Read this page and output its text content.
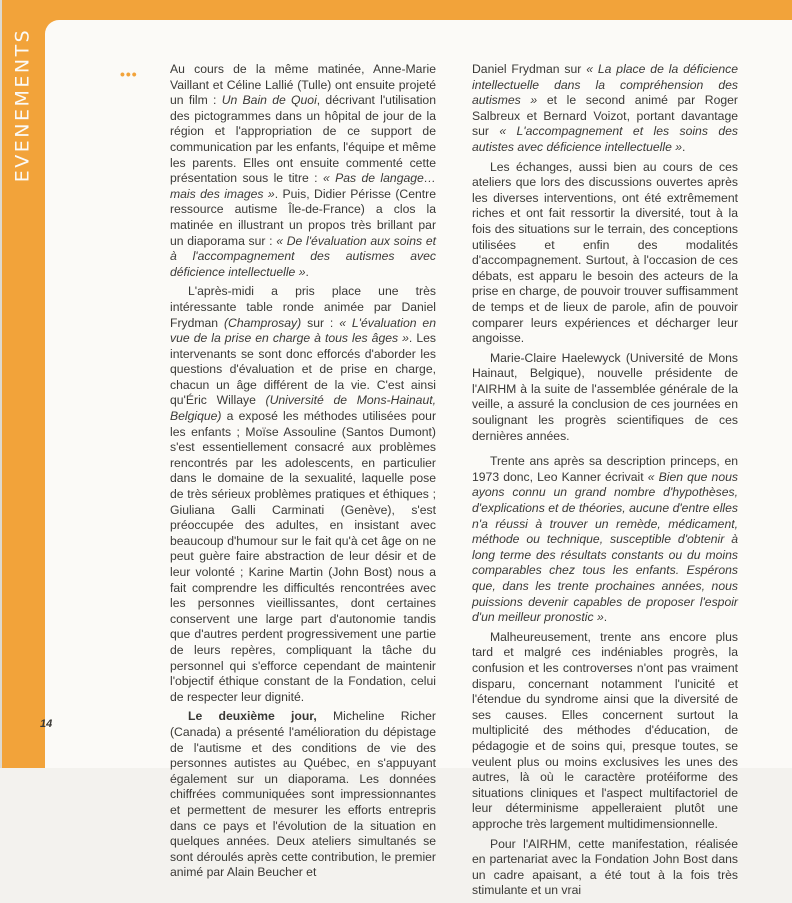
EVENEMENTS	•••	Au cours de la même matinée, Anne-Marie Vaillant et Céline Lallié (Tulle) ont ensuite projeté un film : Un Bain de Quoi, décrivant l'utilisation des pictogrammes dans un hôpital de jour de la région et l'appropriation de ce support de communication par les enfants, l'équipe et même les parents. Elles ont ensuite commenté cette présentation sous le titre : « Pas de langage… mais des images ». Puis, Didier Périsse (Centre ressource autisme Île-de-France) a clos la matinée en illustrant un propos très brillant par un diaporama sur : « De l'évaluation aux soins et à l'accompagnement des autismes avec déficience intellectuelle ».

L'après-midi a pris place une très intéressante table ronde animée par Daniel Frydman (Champrosay) sur : « L'évaluation en vue de la prise en charge à tous les âges ». Les intervenants se sont donc efforcés d'aborder les questions d'évaluation et de prise en charge, chacun un âge différent de la vie. C'est ainsi qu'Éric Willaye (Université de Mons-Hainaut, Belgique) a exposé les méthodes utilisées pour les enfants ; Moïse Assouline (Santos Dumont) s'est essentiellement consacré aux problèmes rencontrés par les adolescents, en particulier dans le domaine de la sexualité, laquelle pose de très sérieux problèmes pratiques et éthiques ; Giuliana Galli Carminati (Genève), s'est préoccupée des adultes, en insistant avec beaucoup d'humour sur le fait qu'à cet âge on ne peut guère faire abstraction de leur désir et de leur volonté ; Karine Martin (John Bost) nous a fait comprendre les difficultés rencontrées avec les personnes vieillissantes, dont certaines conservent une large part d'autonomie tandis que d'autres perdent progressivement une partie de leurs repères, compliquant la tâche du personnel qui s'efforce cependant de maintenir l'objectif éthique constant de la Fondation, celui de respecter leur dignité.

Le deuxième jour, Micheline Richer (Canada) a présenté l'amélioration du dépistage de l'autisme et des conditions de vie des personnes autistes au Québec, en s'appuyant également sur un diaporama. Les données chiffrées communiquées sont impressionnantes et permettent de mesurer les efforts entrepris dans ce pays et l'évolution de la situation en quelques années. Deux ateliers simultanés se sont déroulés après cette contribution, le premier animé par Alain Beucher et

Daniel Frydman sur « La place de la déficience intellectuelle dans la compréhension des autismes » et le second animé par Roger Salbreux et Bernard Voizot, portant davantage sur « L'accompagnement et les soins des autistes avec déficience intellectuelle ».

Les échanges, aussi bien au cours de ces ateliers que lors des discussions ouvertes après les diverses interventions, ont été extrêmement riches et ont fait ressortir la diversité, tout à la fois des situations sur le terrain, des conceptions utilisées et enfin des modalités d'accompagnement. Surtout, à l'occasion de ces débats, est apparu le besoin des acteurs de la prise en charge, de pouvoir trouver suffisamment de temps et de lieux de parole, afin de pouvoir comparer leurs expériences et décharger leur angoisse.

Marie-Claire Haelewyck (Université de Mons Hainaut, Belgique), nouvelle présidente de l'AIRHM à la suite de l'assemblée générale de la veille, a assuré la conclusion de ces journées en soulignant les progrès scientifiques de ces dernières années.

Trente ans après sa description princeps, en 1973 donc, Leo Kanner écrivait « Bien que nous ayons connu un grand nombre d'hypothèses, d'explications et de théories, aucune d'entre elles n'a réussi à trouver un remède, médicament, méthode ou technique, susceptible d'obtenir à long terme des résultats constants ou du moins comparables chez tous les enfants. Espérons que, dans les trente prochaines années, nous puissions devenir capables de proposer l'espoir d'un meilleur pronostic ».

Malheureusement, trente ans encore plus tard et malgré ces indéniables progrès, la confusion et les controverses n'ont pas vraiment disparu, concernant notamment l'unicité et l'étendue du syndrome ainsi que la diversité de ses causes. Elles concernent surtout la multiplicité des méthodes d'éducation, de pédagogie et de soins qui, presque toutes, se veulent plus ou moins exclusives les unes des autres, là où le caractère protéiforme des situations cliniques et l'aspect multifactoriel de leur déterminisme appelleraient plutôt une approche très largement multidimensionnelle.

Pour l'AIRHM, cette manifestation, réalisée en partenariat avec la Fondation John Bost dans un cadre apaisant, a été tout à la fois très stimulante et un vrai

14
